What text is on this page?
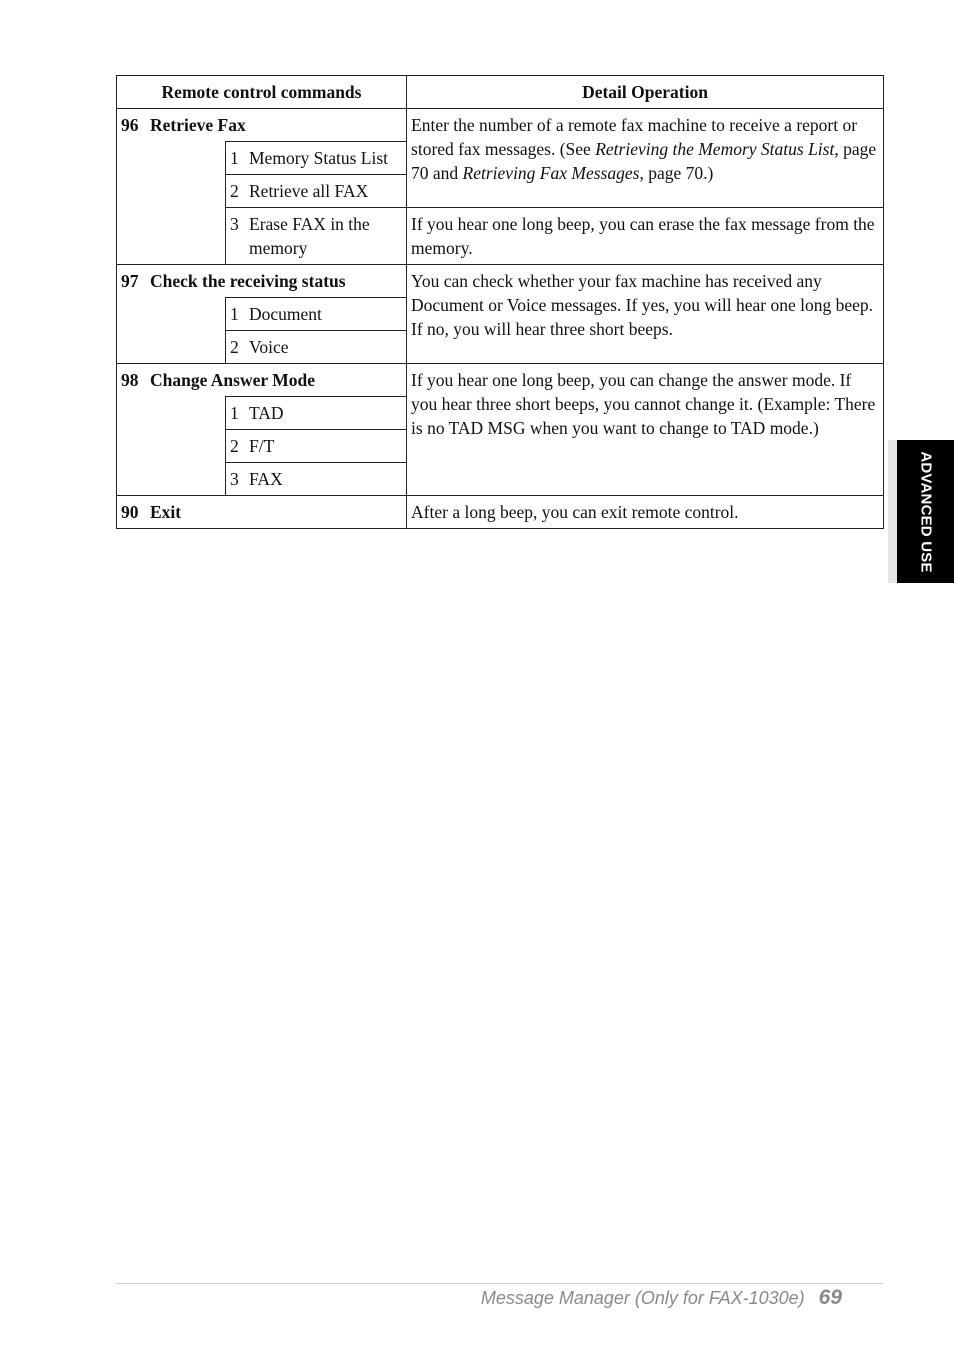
Remote control commands		Detail Operation
96 Retrieve Fax		Enter the number of a remote fax machine to receive a report or stored fax messages. (See Retrieving the Memory Status List, page 70 and Retrieving Fax Messages, page 70.)
	1 Memory Status List	
	2 Retrieve all FAX	
	3 Erase FAX in the memory	If you hear one long beep, you can erase the fax message from the memory.
97 Check the receiving status		You can check whether your fax machine has received any Document or Voice messages. If yes, you will hear one long beep. If no, you will hear three short beeps.
	1 Document	
	2 Voice	
98 Change Answer Mode		If you hear one long beep, you can change the answer mode. If you hear three short beeps, you cannot change it. (Example: There is no TAD MSG when you want to change to TAD mode.)
	1 TAD	
	2 F/T	
	3 FAX	
90 Exit		After a long beep, you can exit remote control.	ADVANCED USE
Message Manager (Only for FAX-1030e) 69
